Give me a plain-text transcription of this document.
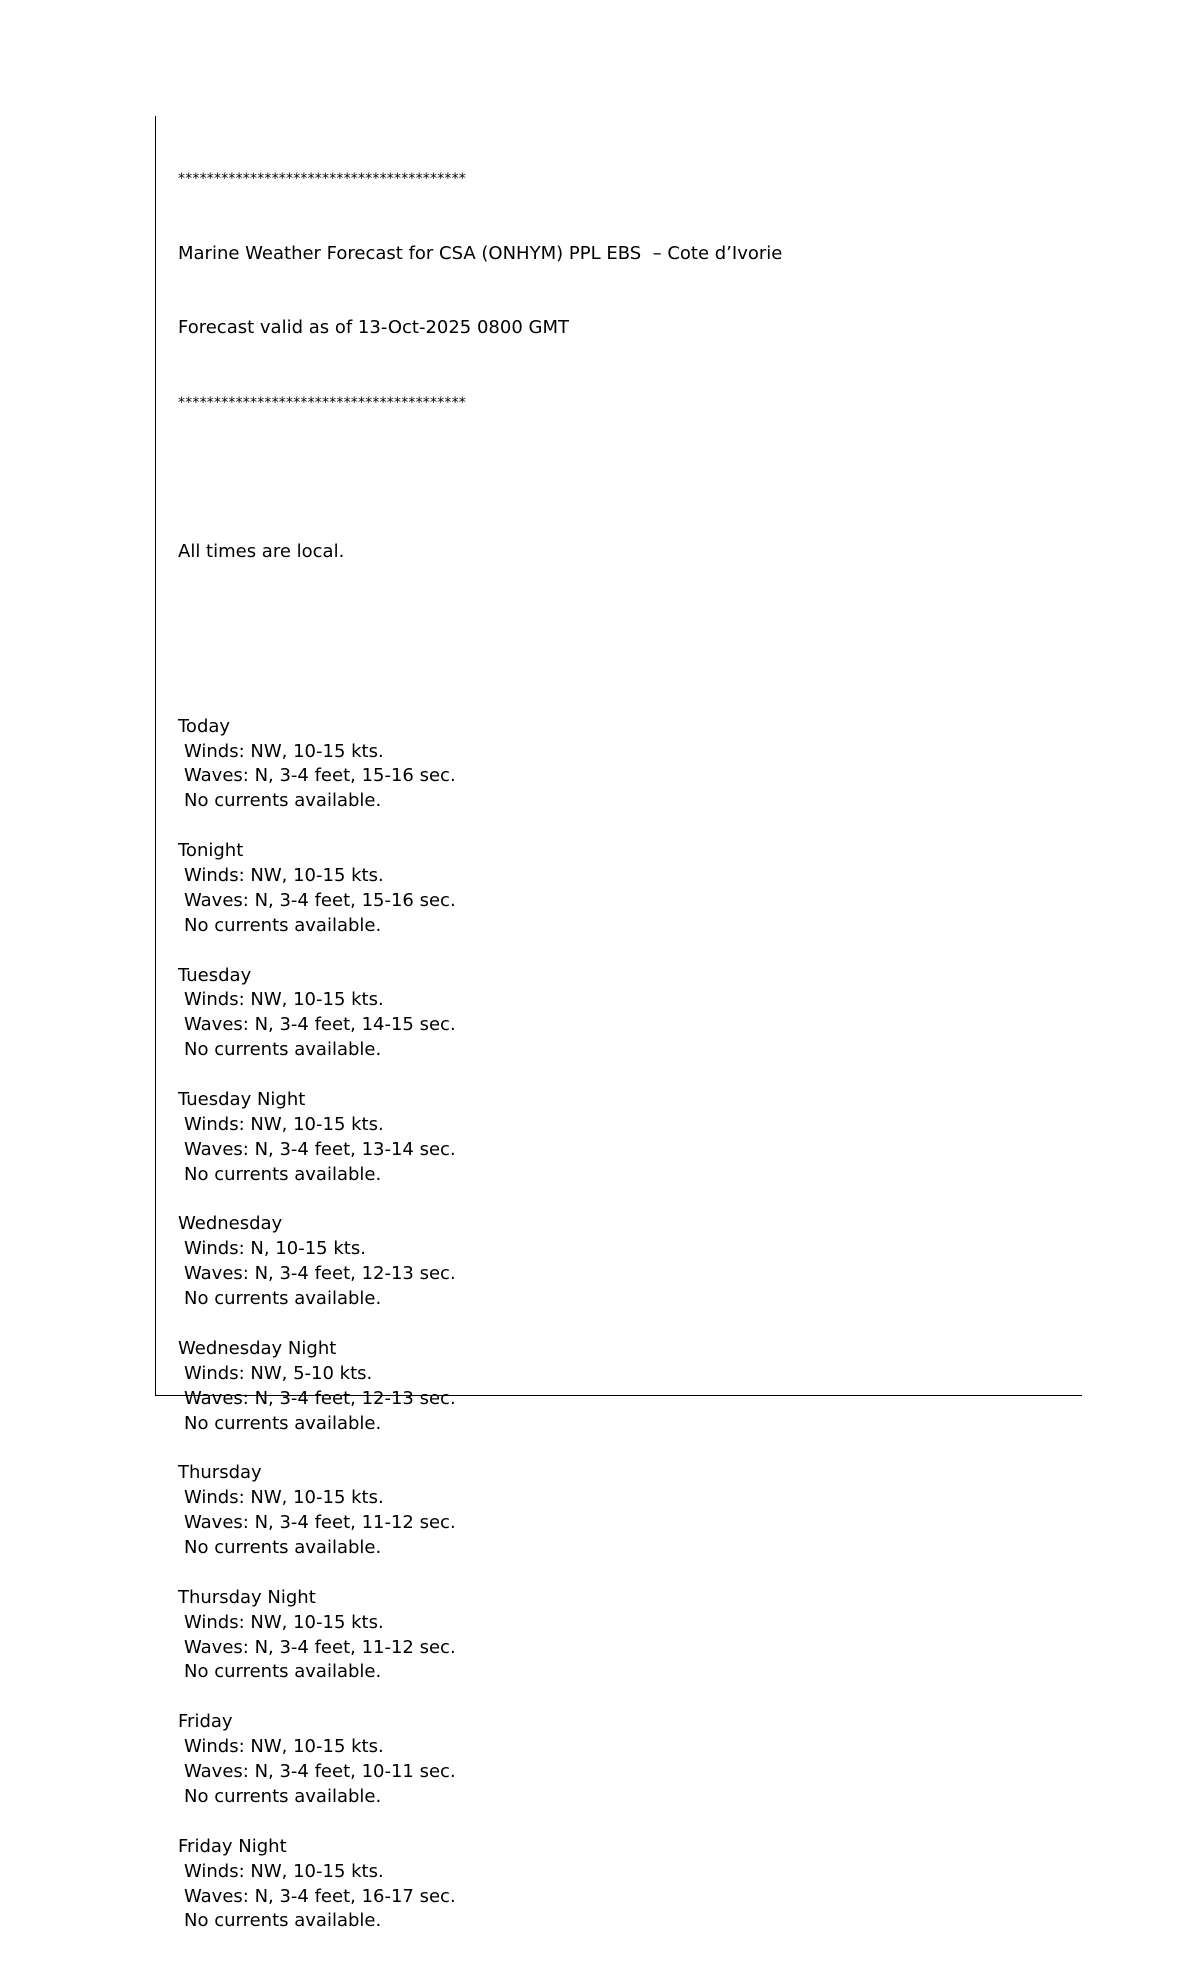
****************************************

Marine Weather Forecast for CSA (ONHYM) PPL EBS  – Cote d’Ivorie

Forecast valid as of 13-Oct-2025 0800 GMT

****************************************

All times are local.

Today
Winds: NW, 10-15 kts.
Waves: N, 3-4 feet, 15-16 sec.
No currents available.
Tonight
Winds: NW, 10-15 kts.
Waves: N, 3-4 feet, 15-16 sec.
No currents available.
Tuesday
Winds: NW, 10-15 kts.
Waves: N, 3-4 feet, 14-15 sec.
No currents available.
Tuesday Night
Winds: NW, 10-15 kts.
Waves: N, 3-4 feet, 13-14 sec.
No currents available.
Wednesday
Winds: N, 10-15 kts.
Waves: N, 3-4 feet, 12-13 sec.
No currents available.
Wednesday Night
Winds: NW, 5-10 kts.
Waves: N, 3-4 feet, 12-13 sec.
No currents available.
Thursday
Winds: NW, 10-15 kts.
Waves: N, 3-4 feet, 11-12 sec.
No currents available.
Thursday Night
Winds: NW, 10-15 kts.
Waves: N, 3-4 feet, 11-12 sec.
No currents available.
Friday
Winds: NW, 10-15 kts.
Waves: N, 3-4 feet, 10-11 sec.
No currents available.
Friday Night
Winds: NW, 10-15 kts.
Waves: N, 3-4 feet, 16-17 sec.
No currents available.
